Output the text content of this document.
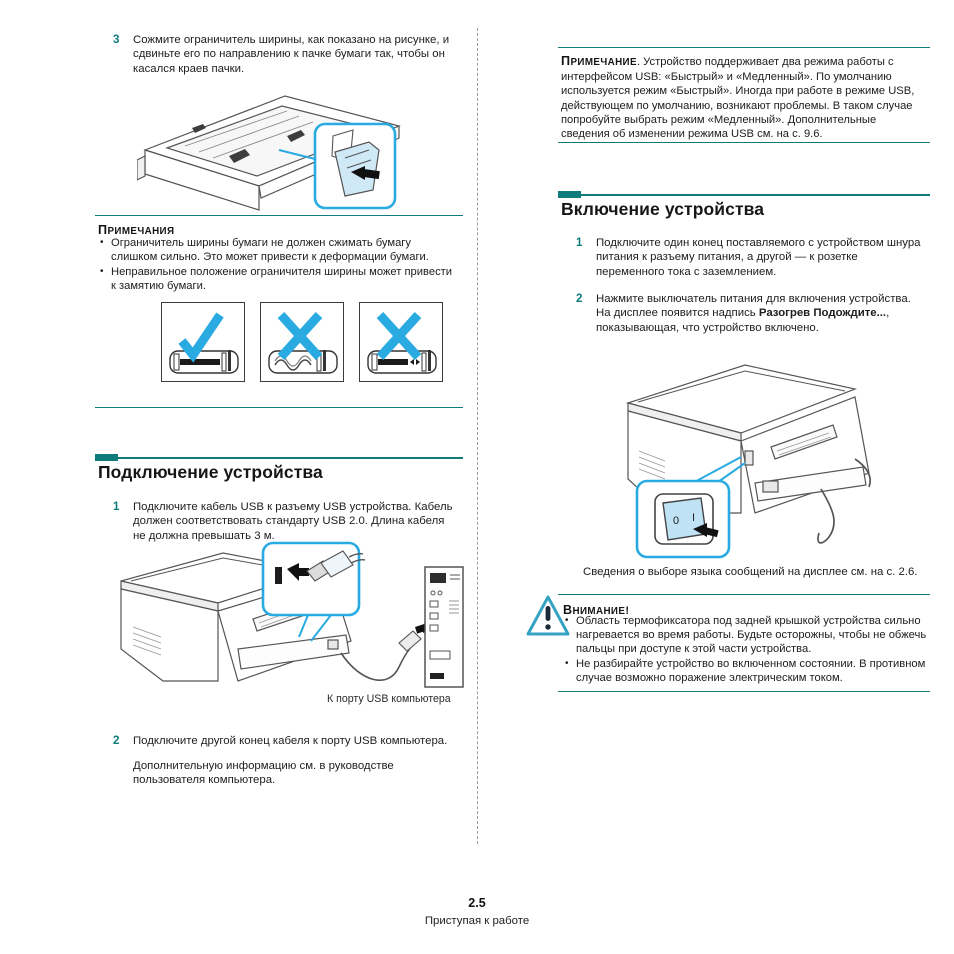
3	Сожмите ограничитель ширины, как показано на рисунке, и сдвиньте его по направлению к пачке бумаги так, чтобы он касался краев пачки.
ПРИМЕЧАНИЯ
• Ограничитель ширины бумаги не должен сжимать бумагу слишком сильно. Это может привести к деформации бумаги.
• Неправильное положение ограничителя ширины может привести к замятию бумаги.
Подключение устройства
1	Подключите кабель USB к разъему USB устройства. Кабель должен соответствовать стандарту USB 2.0. Длина кабеля не должна превышать 3 м.
К порту USB компьютера
2	Подключите другой конец кабеля к порту USB компьютера.
Дополнительную информацию см. в руководстве пользователя компьютера.
ПРИМЕЧАНИЕ. Устройство поддерживает два режима работы с интерфейсом USB: «Быстрый» и «Медленный». По умолчанию используется режим «Быстрый». Иногда при работе в режиме USB, действующем по умолчанию, возникают проблемы. В таком случае попробуйте выбрать режим «Медленный». Дополнительные сведения об изменении режима USB см. на с. 9.6.
Включение устройства
1	Подключите один конец поставляемого с устройством шнура питания к разъему питания, а другой — к розетке переменного тока с заземлением.
2	Нажмите выключатель питания для включения устройства. На дисплее появится надпись Разогрев Подождите..., показывающая, что устройство включено.
0 I
Сведения о выборе языка сообщений на дисплее см. на с. 2.6.
ВНИМАНИЕ!
• Область термофиксатора под задней крышкой устройства сильно нагревается во время работы. Будьте осторожны, чтобы не обжечь пальцы при доступе к этой части устройства.
• Не разбирайте устройство во включенном состоянии. В противном случае возможно поражение электрическим током.
2.5
Приступая к работе
